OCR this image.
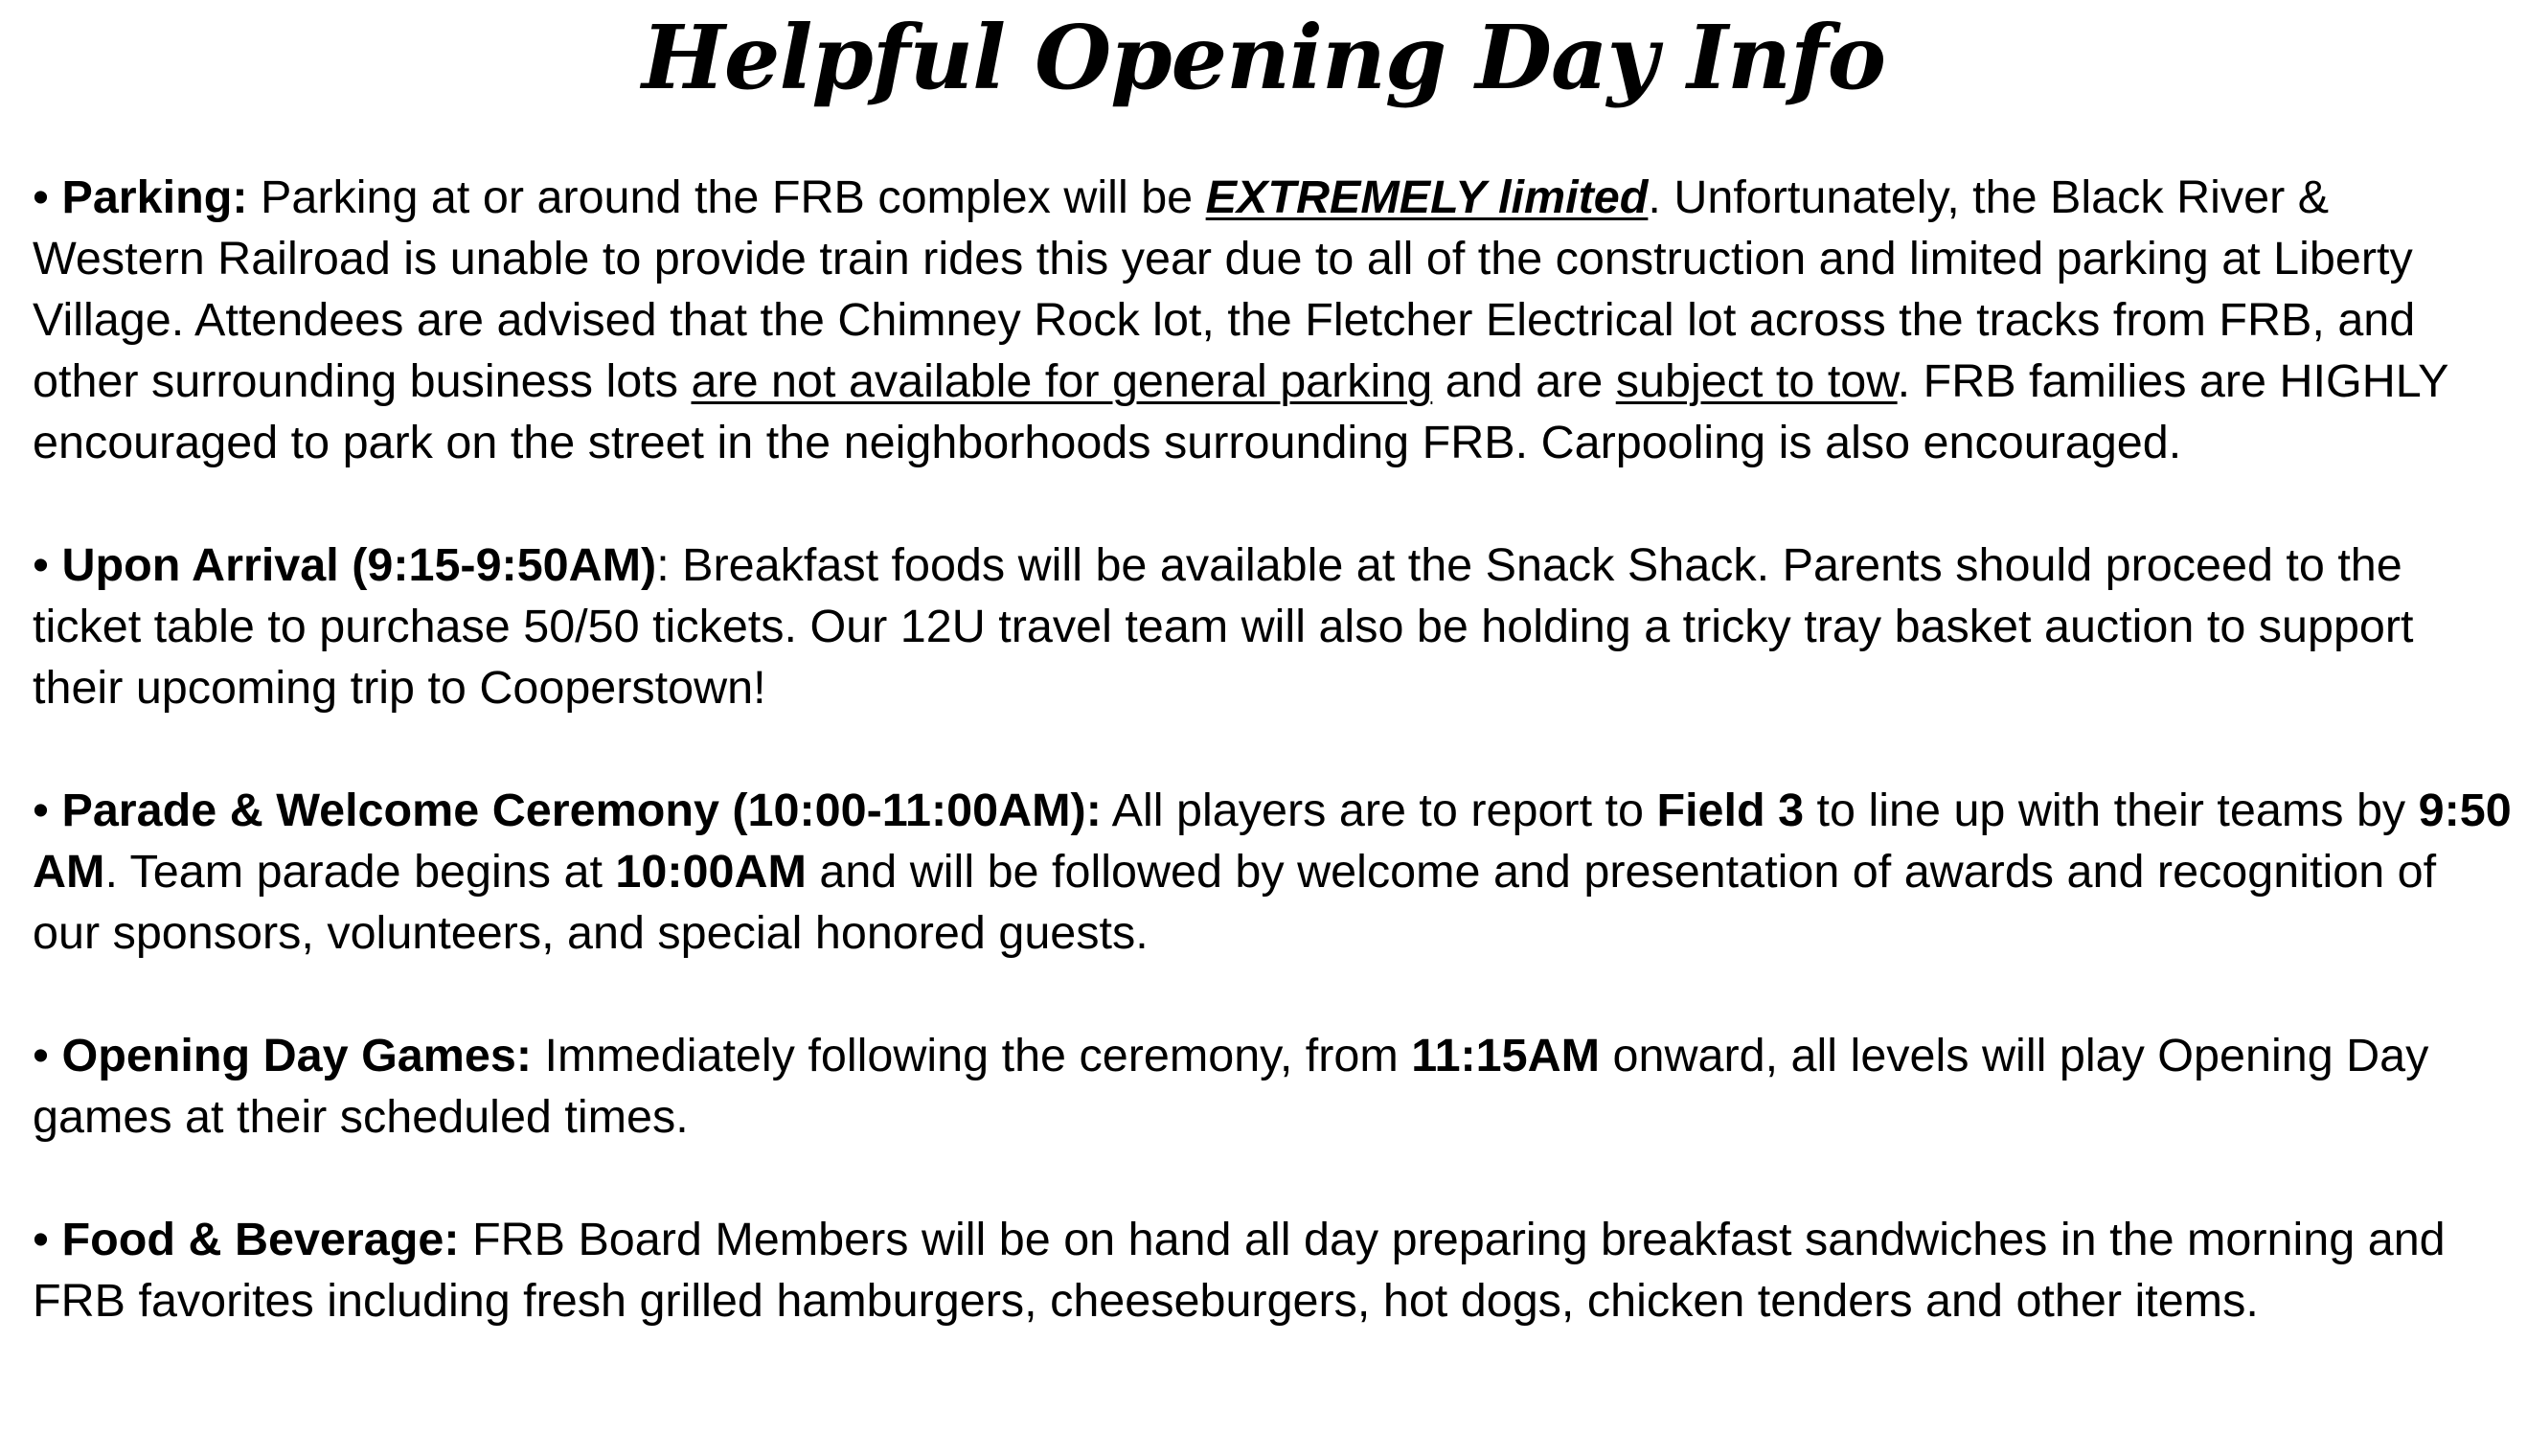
Helpful Opening Day Info

• Parking: Parking at or around the FRB complex will be EXTREMELY limited. Unfortunately, the Black River & Western Railroad is unable to provide train rides this year due to all of the construction and limited parking at Liberty Village. Attendees are advised that the Chimney Rock lot, the Fletcher Electrical lot across the tracks from FRB, and other surrounding business lots are not available for general parking and are subject to tow. FRB families are HIGHLY encouraged to park on the street in the neighborhoods surrounding FRB. Carpooling is also encouraged.

• Upon Arrival (9:15-9:50AM): Breakfast foods will be available at the Snack Shack. Parents should proceed to the ticket table to purchase 50/50 tickets. Our 12U travel team will also be holding a tricky tray basket auction to support their upcoming trip to Cooperstown!

• Parade & Welcome Ceremony (10:00-11:00AM): All players are to report to Field 3 to line up with their teams by 9:50 AM. Team parade begins at 10:00AM and will be followed by welcome and presentation of awards and recognition of our sponsors, volunteers, and special honored guests.

• Opening Day Games: Immediately following the ceremony, from 11:15AM onward, all levels will play Opening Day games at their scheduled times.

• Food & Beverage: FRB Board Members will be on hand all day preparing breakfast sandwiches in the morning and FRB favorites including fresh grilled hamburgers, cheeseburgers, hot dogs, chicken tenders and other items.
